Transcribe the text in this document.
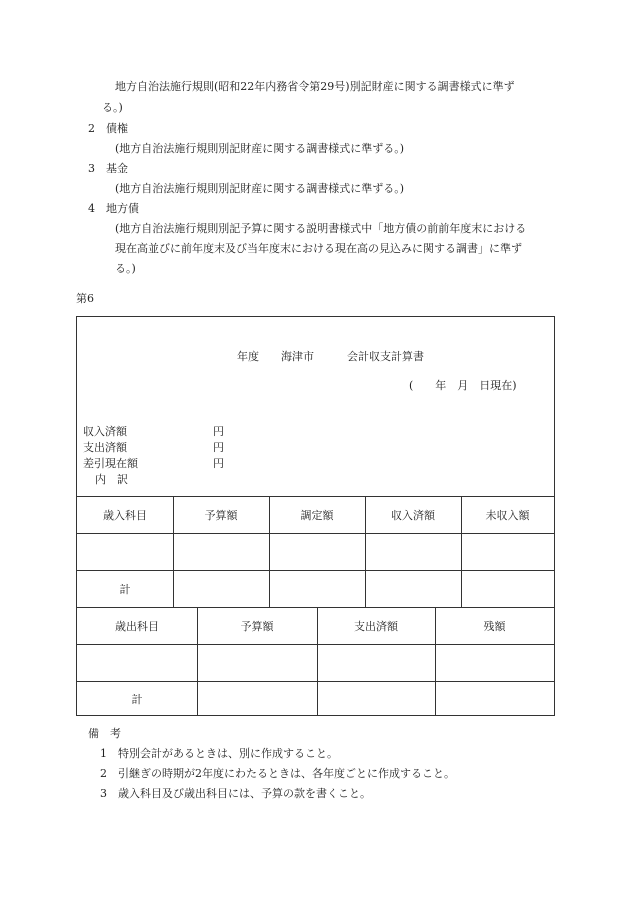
地方自治法施行規則(昭和22年内務省令第29号)別記財産に関する調書様式に準ず
る。)
2 債権
(地方自治法施行規則別記財産に関する調書様式に準ずる。)
3 基金
(地方自治法施行規則別記財産に関する調書様式に準ずる。)
4 地方債
(地方自治法施行規則別記予算に関する説明書様式中「地方債の前前年度末における
現在高並びに前年度末及び当年度末における現在高の見込みに関する調書」に準ず
る。)
第6
年度　　海津市　　　会計収支計算書
(　　年　月　日現在)
収入済額	円
支出済額	円
差引現在額	円
内　訳
歳入科目	予算額	調定額	収入済額	未収入額
計
歳出科目	予算額	支出済額	残額
計
備　考
1 特別会計があるときは、別に作成すること。
2 引継ぎの時期が2年度にわたるときは、各年度ごとに作成すること。
3 歳入科目及び歳出科目には、予算の款を書くこと。
